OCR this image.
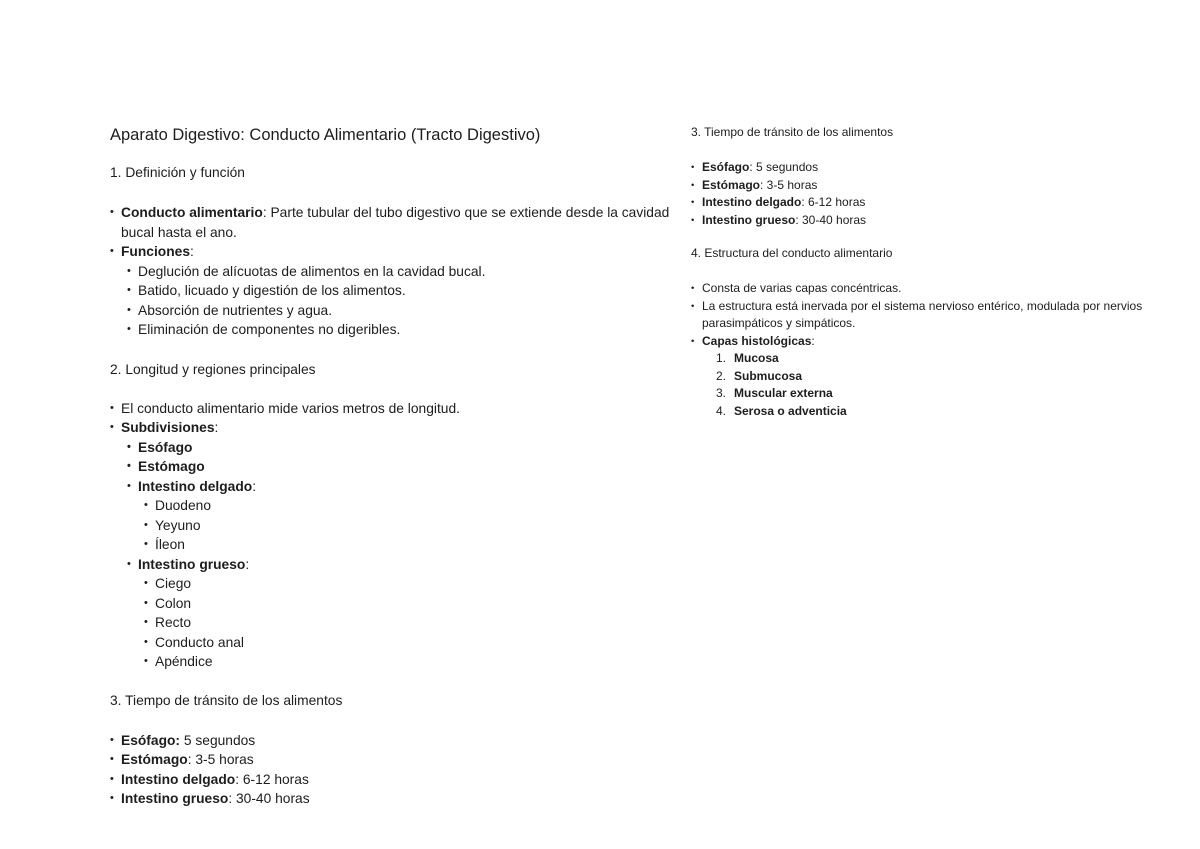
Aparato Digestivo: Conducto Alimentario (Tracto Digestivo)
1. Definición y función
• Conducto alimentario: Parte tubular del tubo digestivo que se extiende desde la cavidad bucal hasta el ano.
• Funciones:
• Deglución de alícuotas de alimentos en la cavidad bucal.
• Batido, licuado y digestión de los alimentos.
• Absorción de nutrientes y agua.
• Eliminación de componentes no digeribles.
2. Longitud y regiones principales
• El conducto alimentario mide varios metros de longitud.
• Subdivisiones:
• Esófago
• Estómago
• Intestino delgado:
• Duodeno
• Yeyuno
• Íleon
• Intestino grueso:
• Ciego
• Colon
• Recto
• Conducto anal
• Apéndice
3. Tiempo de tránsito de los alimentos
• Esófago: 5 segundos
• Estómago: 3-5 horas
• Intestino delgado: 6-12 horas
• Intestino grueso: 30-40 horas
3. Tiempo de tránsito de los alimentos
• Esófago: 5 segundos
• Estómago: 3-5 horas
• Intestino delgado: 6-12 horas
• Intestino grueso: 30-40 horas
4. Estructura del conducto alimentario
• Consta de varias capas concéntricas.
• La estructura está inervada por el sistema nervioso entérico, modulada por nervios parasimpáticos y simpáticos.
• Capas histológicas:
1. Mucosa
2. Submucosa
3. Muscular externa
4. Serosa o adventicia
